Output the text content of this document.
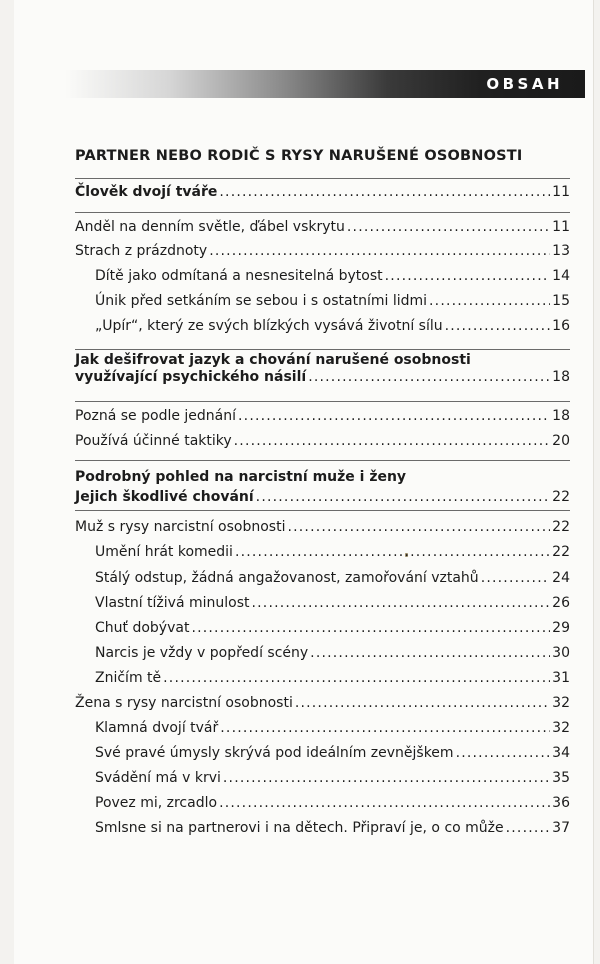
OBSAH
PARTNER NEBO RODIČ S RYSY NARUŠENÉ OSOBNOSTI
Člověk dvojí tváře .....	11
Anděl na denním světle, ďábel vskrytu .....	11
Strach z prázdnoty .....	13
Dítě jako odmítaná a nesnesitelná bytost .....	14
Únik před setkáním se sebou i s ostatními lidmi .....	15
„Upír“, který ze svých blízkých vysává životní sílu .....	16
Jak dešifrovat jazyk a chování narušené osobnosti
využívající psychického násilí .....	18
Pozná se podle jednání .....	18
Používá účinné taktiky .....	20
Podrobný pohled na narcistní muže i ženy
Jejich škodlivé chování .....	22
Muž s rysy narcistní osobnosti .....	22
Umění hrát komedii .....	22
Stálý odstup, žádná angažovanost, zamořování vztahů .....	24
Vlastní tíživá minulost .....	26
Chuť dobývat .....	29
Narcis je vždy v popředí scény .....	30
Zničím tě .....	31
Žena s rysy narcistní osobnosti .....	32
Klamná dvojí tvář .....	32
Své pravé úmysly skrývá pod ideálním zevnějškem .....	34
Svádění má v krvi .....	35
Povez mi, zrcadlo .....	36
Smlsne si na partnerovi i na dětech. Připraví je, o co může .....	37
